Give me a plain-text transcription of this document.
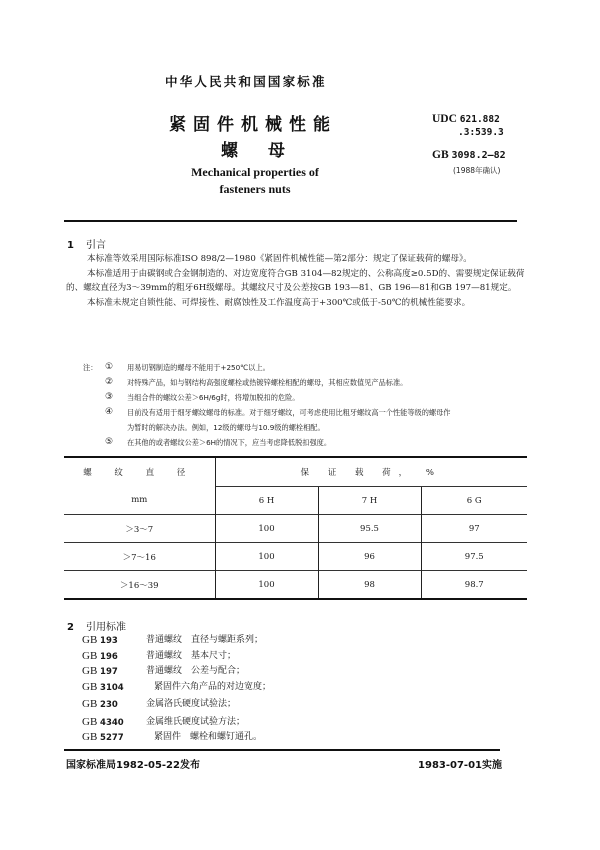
中华人民共和国国家标准
紧固件机械性能
螺母
Mechanical properties of
fasteners nuts
UDC 621.882
.3:539.3
GB 3098.2—82
(1988年确认)
1 引言

本标准等效采用国际标准ISO 898/2—1980《紧固件机械性能—第2部分：规定了保证载荷的螺母》。

本标准适用于由碳钢或合金钢制造的、对边宽度符合GB 3104—82规定的、公称高度≥0.5D的、需要规定保证载荷的、螺纹直径为3～39mm的粗牙6H级螺母。其螺纹尺寸及公差按GB 193—81、GB 196—81和GB 197—81规定。

本标准未规定自锁性能、可焊接性、耐腐蚀性及工作温度高于+300℃或低于-50℃的机械性能要求。

注： ①	用易切钢制造的螺母不能用于+250℃以上。
②	对特殊产品，如与钢结构高强度螺栓或热镀锌螺栓相配的螺母，其相应数值见产品标准。
③	当组合件的螺纹公差＞6H/6g时，将增加脱扣的危险。
④	目前没有适用于细牙螺纹螺母的标准。对于细牙螺纹，可考虑使用比粗牙螺纹高一个性能等级的螺母作
为暂时的解决办法。例如，12级的螺母与10.9级的螺栓相配。
⑤	在其他的或者螺纹公差＞6H的情况下，应当考虑降低脱扣强度。
螺 纹 直 径	保 证 载 荷， %		
mm	6 H	7 H	6 G
＞3～7	100	95.5	97
＞7～16	100	96	97.5
＞16～39	100	98	98.7
2 引用标准
GB 193	普通螺纹　直径与螺距系列；
GB 196	普通螺纹　基本尺寸；
GB 197	普通螺纹　公差与配合；
GB 3104	紧固件六角产品的对边宽度；
GB 230	金属洛氏硬度试验法；
GB 4340	金属维氏硬度试验方法；
GB 5277	紧固件　螺栓和螺钉通孔。
国家标准局1982-05-22发布	1983-07-01实施
